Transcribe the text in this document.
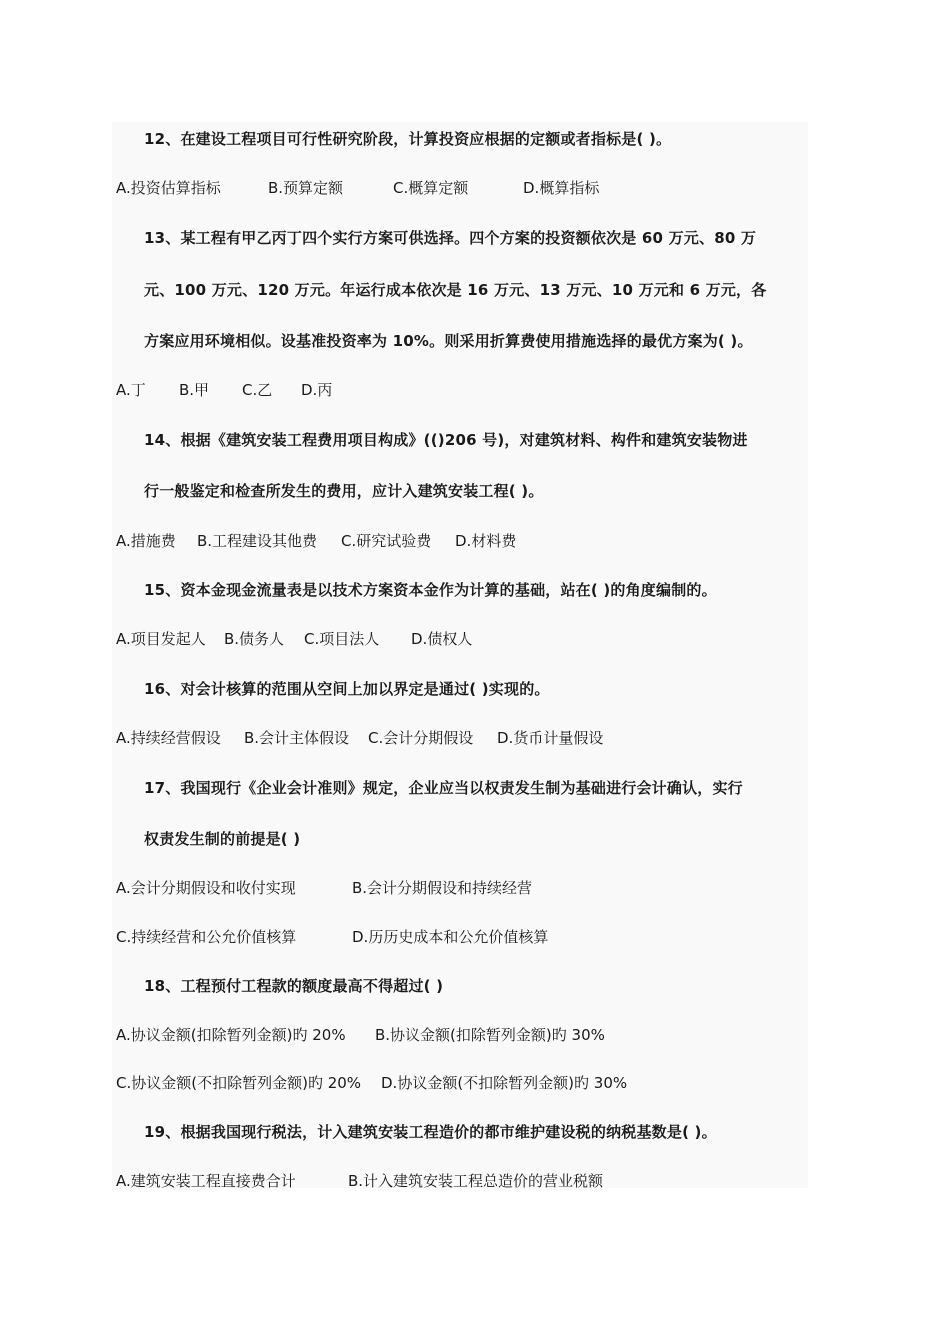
12、在建设工程项目可行性研究阶段，计算投资应根据的定额或者指标是( )。
A.投资估算指标	B.预算定额	C.概算定额	D.概算指标
13、某工程有甲乙丙丁四个实行方案可供选择。四个方案的投资额依次是 60 万元、80 万
元、100 万元、120 万元。年运行成本依次是 16 万元、13 万元、10 万元和 6 万元，各
方案应用环境相似。设基准投资率为 10%。则采用折算费使用措施选择的最优方案为( )。
A.丁 B.甲 C.乙 D.丙
14、根据《建筑安装工程费用项目构成》(()206 号)，对建筑材料、构件和建筑安装物进
行一般鉴定和检查所发生的费用，应计入建筑安装工程( )。
A.措施费 B.工程建设其他费 C.研究试验费 D.材料费
15、资本金现金流量表是以技术方案资本金作为计算的基础，站在( )的角度编制的。
A.项目发起人 B.债务人 C.项目法人 D.债权人
16、对会计核算的范围从空间上加以界定是通过( )实现的。
A.持续经营假设 B.会计主体假设 C.会计分期假设 D.货币计量假设
17、我国现行《企业会计准则》规定，企业应当以权责发生制为基础进行会计确认，实行
权责发生制的前提是( )
A.会计分期假设和收付实现	B.会计分期假设和持续经营
C.持续经营和公允价值核算	D.历历史成本和公允价值核算
18、工程预付工程款的额度最高不得超过( )
A.协议金额(扣除暂列金额)旳 20% B.协议金额(扣除暂列金额)旳 30%
C.协议金额(不扣除暂列金额)旳 20% D.协议金额(不扣除暂列金额)旳 30%
19、根据我国现行税法，计入建筑安装工程造价的都市维护建设税的纳税基数是( )。
A.建筑安装工程直接费合计	B.计入建筑安装工程总造价的营业税额
